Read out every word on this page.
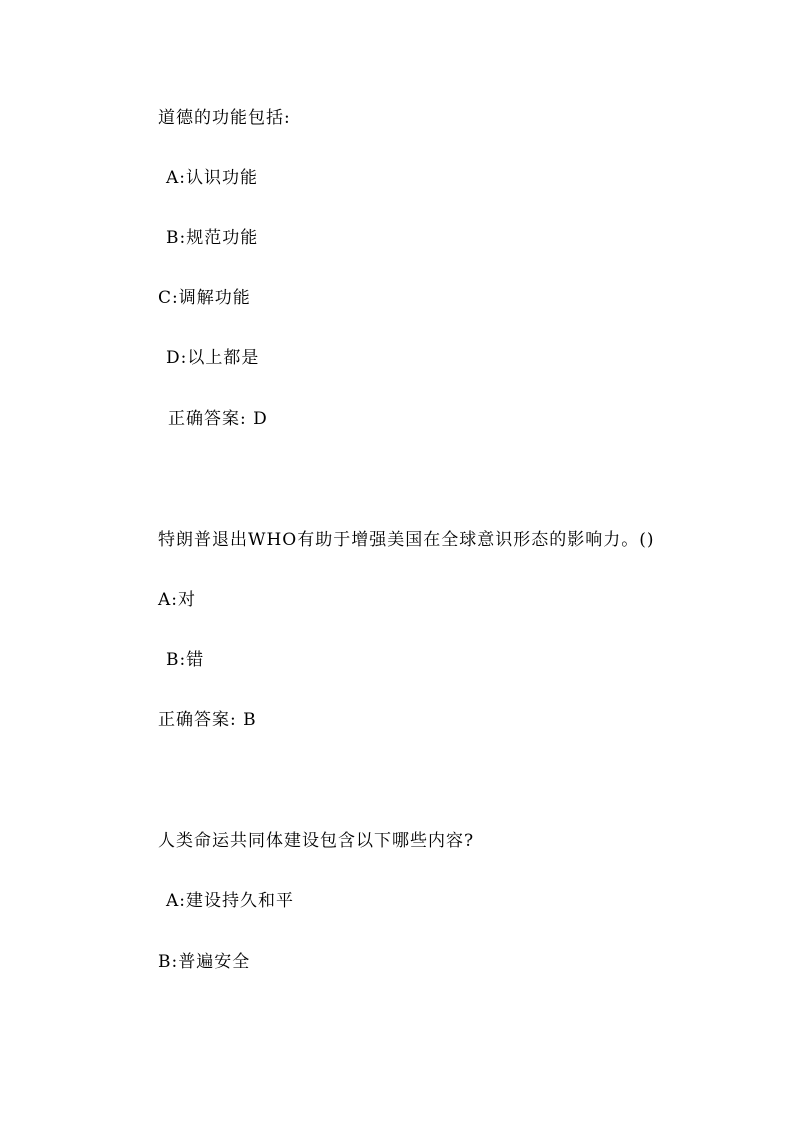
道德的功能包括:
A:认识功能
B:规范功能
C:调解功能
D:以上都是
正确答案: D
特朗普退出WHO有助于增强美国在全球意识形态的影响力。()
A:对
B:错
正确答案: B
人类命运共同体建设包含以下哪些内容?
A:建设持久和平
B:普遍安全
